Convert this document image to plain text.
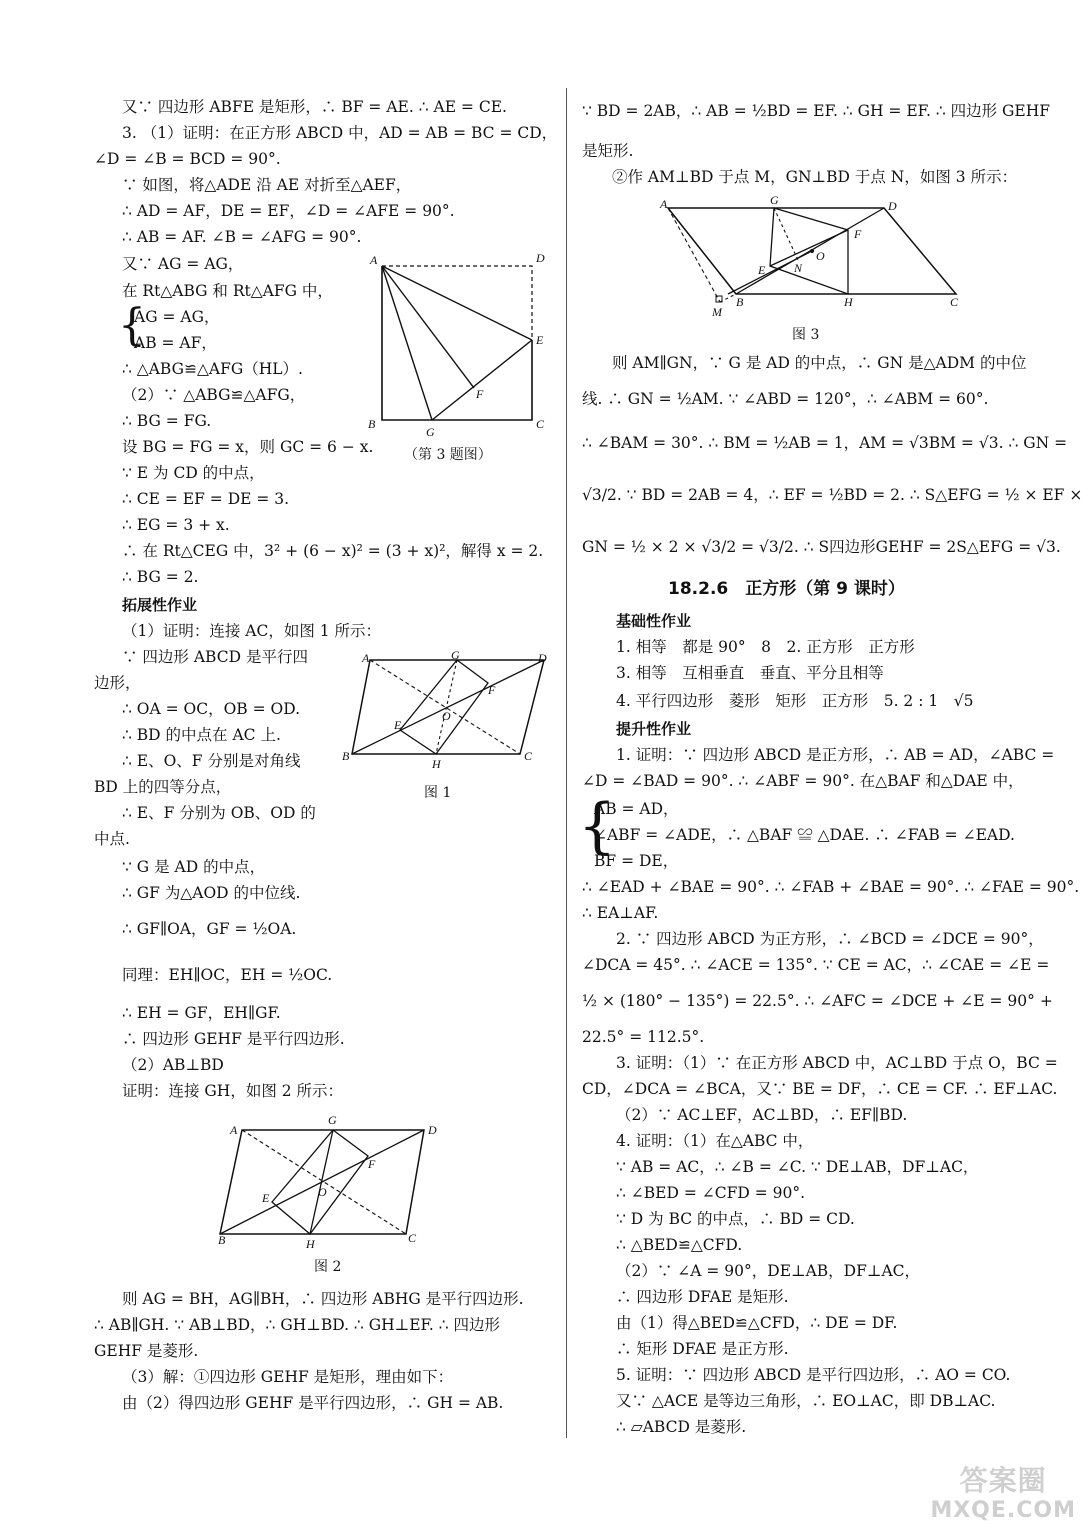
又∵ 四边形 ABFE 是矩形，∴ BF = AE. ∴ AE = CE.
3. （1）证明：在正方形 ABCD 中，AD = AB = BC = CD，
∠D = ∠B = BCD = 90°.
∵ 如图，将△ADE 沿 AE 对折至△AEF，
∴ AD = AF，DE = EF，∠D = ∠AFE = 90°.
∴ AB = AF. ∠B = ∠AFG = 90°.
又∵ AG = AG，
在 Rt△ABG 和 Rt△AFG 中，
{
AG = AG，
AB = AF，
∴ △ABG≌△AFG（HL）.
（2）∵ △ABG≌△AFG，
∴ BG = FG.
设 BG = FG = x，则 GC = 6 − x.
∵ E 为 CD 的中点，
∴ CE = EF = DE = 3.
∴ EG = 3 + x.
∴ 在 Rt△CEG 中，3² + (6 − x)² = (3 + x)²，解得 x = 2.
∴ BG = 2.
拓展性作业
（1）证明：连接 AC，如图 1 所示：
∵ 四边形 ABCD 是平行四
边形，
∴ OA = OC，OB = OD.
∴ BD 的中点在 AC 上.
∴ E、O、F 分别是对角线
BD 上的四等分点，
∴ E、F 分别为 OB、OD 的
中点.
∵ G 是 AD 的中点，
∴ GF 为△AOD 的中位线.
∴ GF∥OA，GF = ½OA.
同理：EH∥OC，EH = ½OC.
∴ EH = GF，EH∥GF.
∴ 四边形 GEHF 是平行四边形.
（2）AB⊥BD
证明：连接 GH，如图 2 所示：
则 AG = BH，AG∥BH，∴ 四边形 ABHG 是平行四边形.
∴ AB∥GH. ∵ AB⊥BD，∴ GH⊥BD. ∴ GH⊥EF. ∴ 四边形
GEHF 是菱形.
（3）解：①四边形 GEHF 是矩形，理由如下：
由（2）得四边形 GEHF 是平行四边形，∴ GH = AB.
A	D
E
F
B
G
C
（第 3 题图）
A	G	D
F
O
E
B
H
C
图 1
A
G
D
F
O
E
B	H	C
图 2
∵ BD = 2AB，∴ AB = ½BD = EF. ∴ GH = EF. ∴ 四边形 GEHF
是矩形.
②作 AM⊥BD 于点 M，GN⊥BD 于点 N，如图 3 所示：
A	G	D
F
O
N
E
B
M
H	C
图 3
则 AM∥GN，∵ G 是 AD 的中点，∴ GN 是△ADM 的中位
线. ∴ GN = ½AM. ∵ ∠ABD = 120°，∴ ∠ABM = 60°.
∴ ∠BAM = 30°. ∴ BM = ½AB = 1，AM = √3BM = √3. ∴ GN =
√3/2. ∵ BD = 2AB = 4，∴ EF = ½BD = 2. ∴ S△EFG = ½ × EF ×
GN = ½ × 2 × √3/2 = √3/2. ∴ S四边形GEHF = 2S△EFG = √3.
18.2.6　正方形（第 9 课时）
基础性作业
1. 相等　都是 90°　8　2. 正方形　正方形
3. 相等　互相垂直　垂直、平分且相等
4. 平行四边形　菱形　矩形　正方形　5. 2 : 1　√5
提升性作业
1. 证明：∵ 四边形 ABCD 是正方形，∴ AB = AD，∠ABC =
∠D = ∠BAD = 90°. ∴ ∠ABF = 90°. 在△BAF 和△DAE 中，
{
AB = AD，
∠ABF = ∠ADE，∴ △BAF ≌ △DAE. ∴ ∠FAB = ∠EAD.
BF = DE，
∴ ∠EAD + ∠BAE = 90°. ∴ ∠FAB + ∠BAE = 90°. ∴ ∠FAE = 90°.
∴ EA⊥AF.
2. ∵ 四边形 ABCD 为正方形，∴ ∠BCD = ∠DCE = 90°，
∠DCA = 45°. ∴ ∠ACE = 135°. ∵ CE = AC，∴ ∠CAE = ∠E =
½ × (180° − 135°) = 22.5°. ∴ ∠AFC = ∠DCE + ∠E = 90° +
22.5° = 112.5°.
3. 证明：（1）∵ 在正方形 ABCD 中，AC⊥BD 于点 O，BC =
CD，∠DCA = ∠BCA，又∵ BE = DF，∴ CE = CF. ∴ EF⊥AC.
（2）∵ AC⊥EF，AC⊥BD，∴ EF∥BD.
4. 证明：（1）在△ABC 中，
∵ AB = AC，∴ ∠B = ∠C. ∵ DE⊥AB，DF⊥AC，
∴ ∠BED = ∠CFD = 90°.
∵ D 为 BC 的中点，∴ BD = CD.
∴ △BED≌△CFD.
（2）∵ ∠A = 90°，DE⊥AB，DF⊥AC，
∴ 四边形 DFAE 是矩形.
由（1）得△BED≌△CFD，∴ DE = DF.
∴ 矩形 DFAE 是正方形.
5. 证明：∵ 四边形 ABCD 是平行四边形，∴ AO = CO.
又∵ △ACE 是等边三角形，∴ EO⊥AC，即 DB⊥AC.
∴ ▱ABCD 是菱形.
答案圈
MXQE.COM
